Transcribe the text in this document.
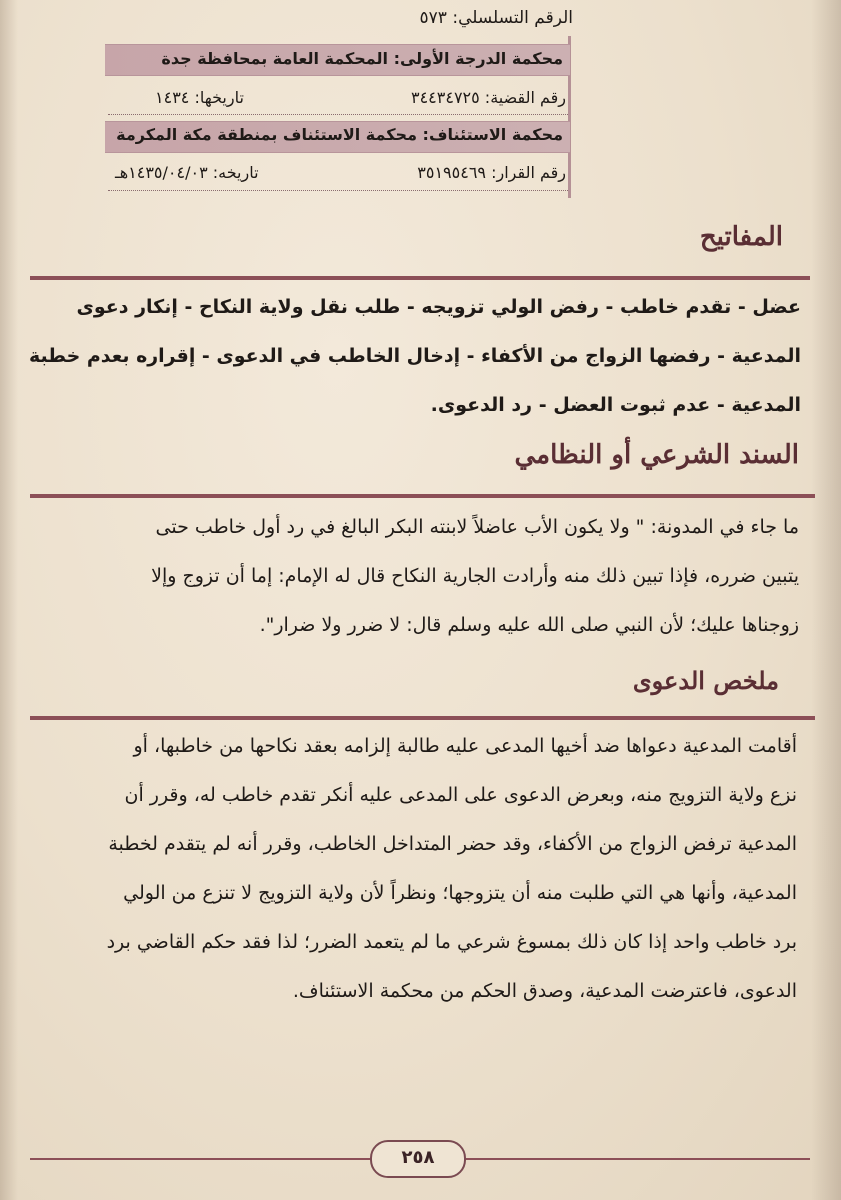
الرقم التسلسلي: ٥٧٣
محكمة الدرجة الأولى: المحكمة العامة بمحافظة جدة
رقم القضية: ٣٤٤٣٤٧٢٥
تاريخها: ١٤٣٤
محكمة الاستئناف: محكمة الاستئناف بمنطقة مكة المكرمة
رقم القرار: ٣٥١٩٥٤٦٩
تاريخه: ١٤٣٥/٠٤/٠٣هـ
المفاتيح
عضل - تقدم خاطب - رفض الولي تزويجه - طلب نقل ولاية النكاح - إنكار دعوى
المدعية - رفضها الزواج من الأكفاء - إدخال الخاطب في الدعوى - إقراره بعدم خطبة
المدعية - عدم ثبوت العضل - رد الدعوى.
السند الشرعي أو النظامي
ما جاء في المدونة: " ولا يكون الأب عاضلاً لابنته البكر البالغ في رد أول خاطب حتى
يتبين ضرره، فإذا تبين ذلك منه وأرادت الجارية النكاح قال له الإمام: إما أن تزوج وإلا
زوجناها عليك؛ لأن النبي صلى الله عليه وسلم قال: لا ضرر ولا ضرار".
ملخص الدعوى
أقامت المدعية دعواها ضد أخيها المدعى عليه طالبة إلزامه بعقد نكاحها من خاطبها، أو
نزع ولاية التزويج منه، وبعرض الدعوى على المدعى عليه أنكر تقدم خاطب له، وقرر أن
المدعية ترفض الزواج من الأكفاء، وقد حضر المتداخل الخاطب، وقرر أنه لم يتقدم لخطبة
المدعية، وأنها هي التي طلبت منه أن يتزوجها؛ ونظراً لأن ولاية التزويج لا تنزع من الولي
برد خاطب واحد إذا كان ذلك بمسوغ شرعي ما لم يتعمد الضرر؛ لذا فقد حكم القاضي برد
الدعوى، فاعترضت المدعية، وصدق الحكم من محكمة الاستئناف.
٢٥٨
